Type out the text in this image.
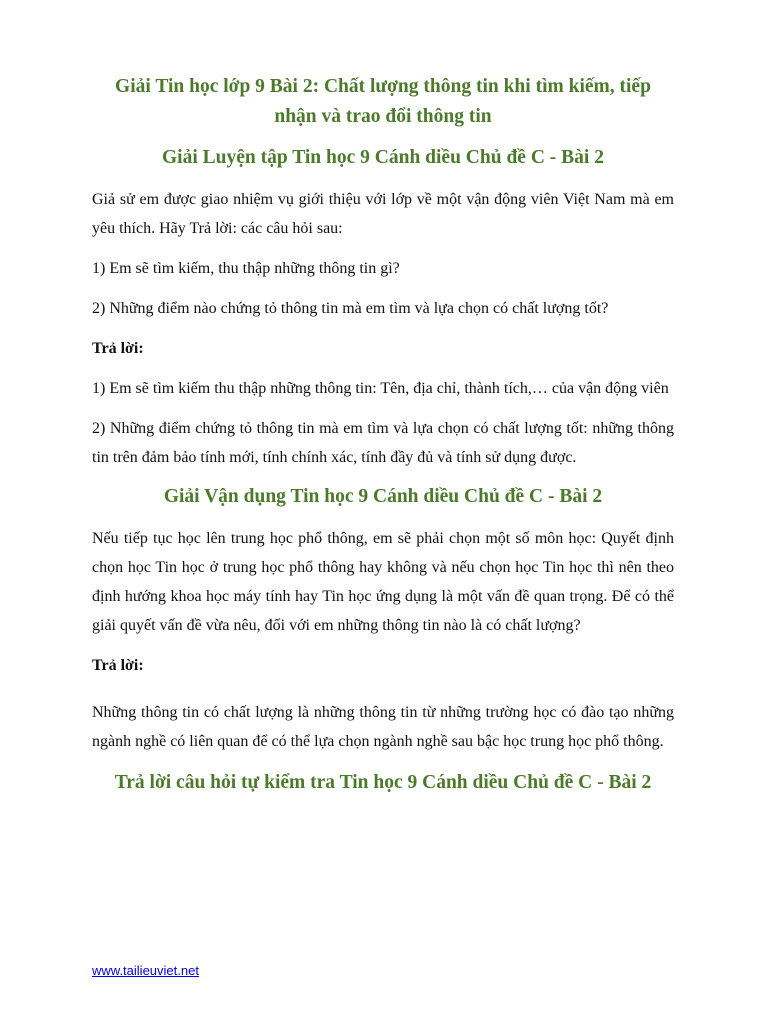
Giải Tin học lớp 9 Bài 2: Chất lượng thông tin khi tìm kiếm, tiếp nhận và trao đổi thông tin
Giải Luyện tập Tin học 9 Cánh diều Chủ đề C - Bài 2

Giả sử em được giao nhiệm vụ giới thiệu với lớp về một vận động viên Việt Nam mà em yêu thích. Hãy Trả lời: các câu hỏi sau:

1) Em sẽ tìm kiếm, thu thập những thông tin gì?

2) Những điểm nào chứng tỏ thông tin mà em tìm và lựa chọn có chất lượng tốt?

Trả lời:

1) Em sẽ tìm kiếm thu thập những thông tin: Tên, địa chỉ, thành tích,… của vận động viên

2) Những điểm chứng tỏ thông tin mà em tìm và lựa chọn có chất lượng tốt: những thông tin trên đảm bảo tính mới, tính chính xác, tính đầy đủ và tính sử dụng được.

Giải Vận dụng Tin học 9 Cánh diều Chủ đề C - Bài 2

Nếu tiếp tục học lên trung học phổ thông, em sẽ phải chọn một số môn học: Quyết định chọn học Tin học ở trung học phổ thông hay không và nếu chọn học Tin học thì nên theo định hướng khoa học máy tính hay Tin học ứng dụng là một vấn đề quan trọng. Để có thể giải quyết vấn đề vừa nêu, đối với em những thông tin nào là có chất lượng?

Trả lời:

Những thông tin có chất lượng là những thông tin từ những trường học có đào tạo những ngành nghề có liên quan để có thể lựa chọn ngành nghề sau bậc học trung học phổ thông.

Trả lời câu hỏi tự kiểm tra Tin học 9 Cánh diều Chủ đề C - Bài 2
www.tailieuviet.net
